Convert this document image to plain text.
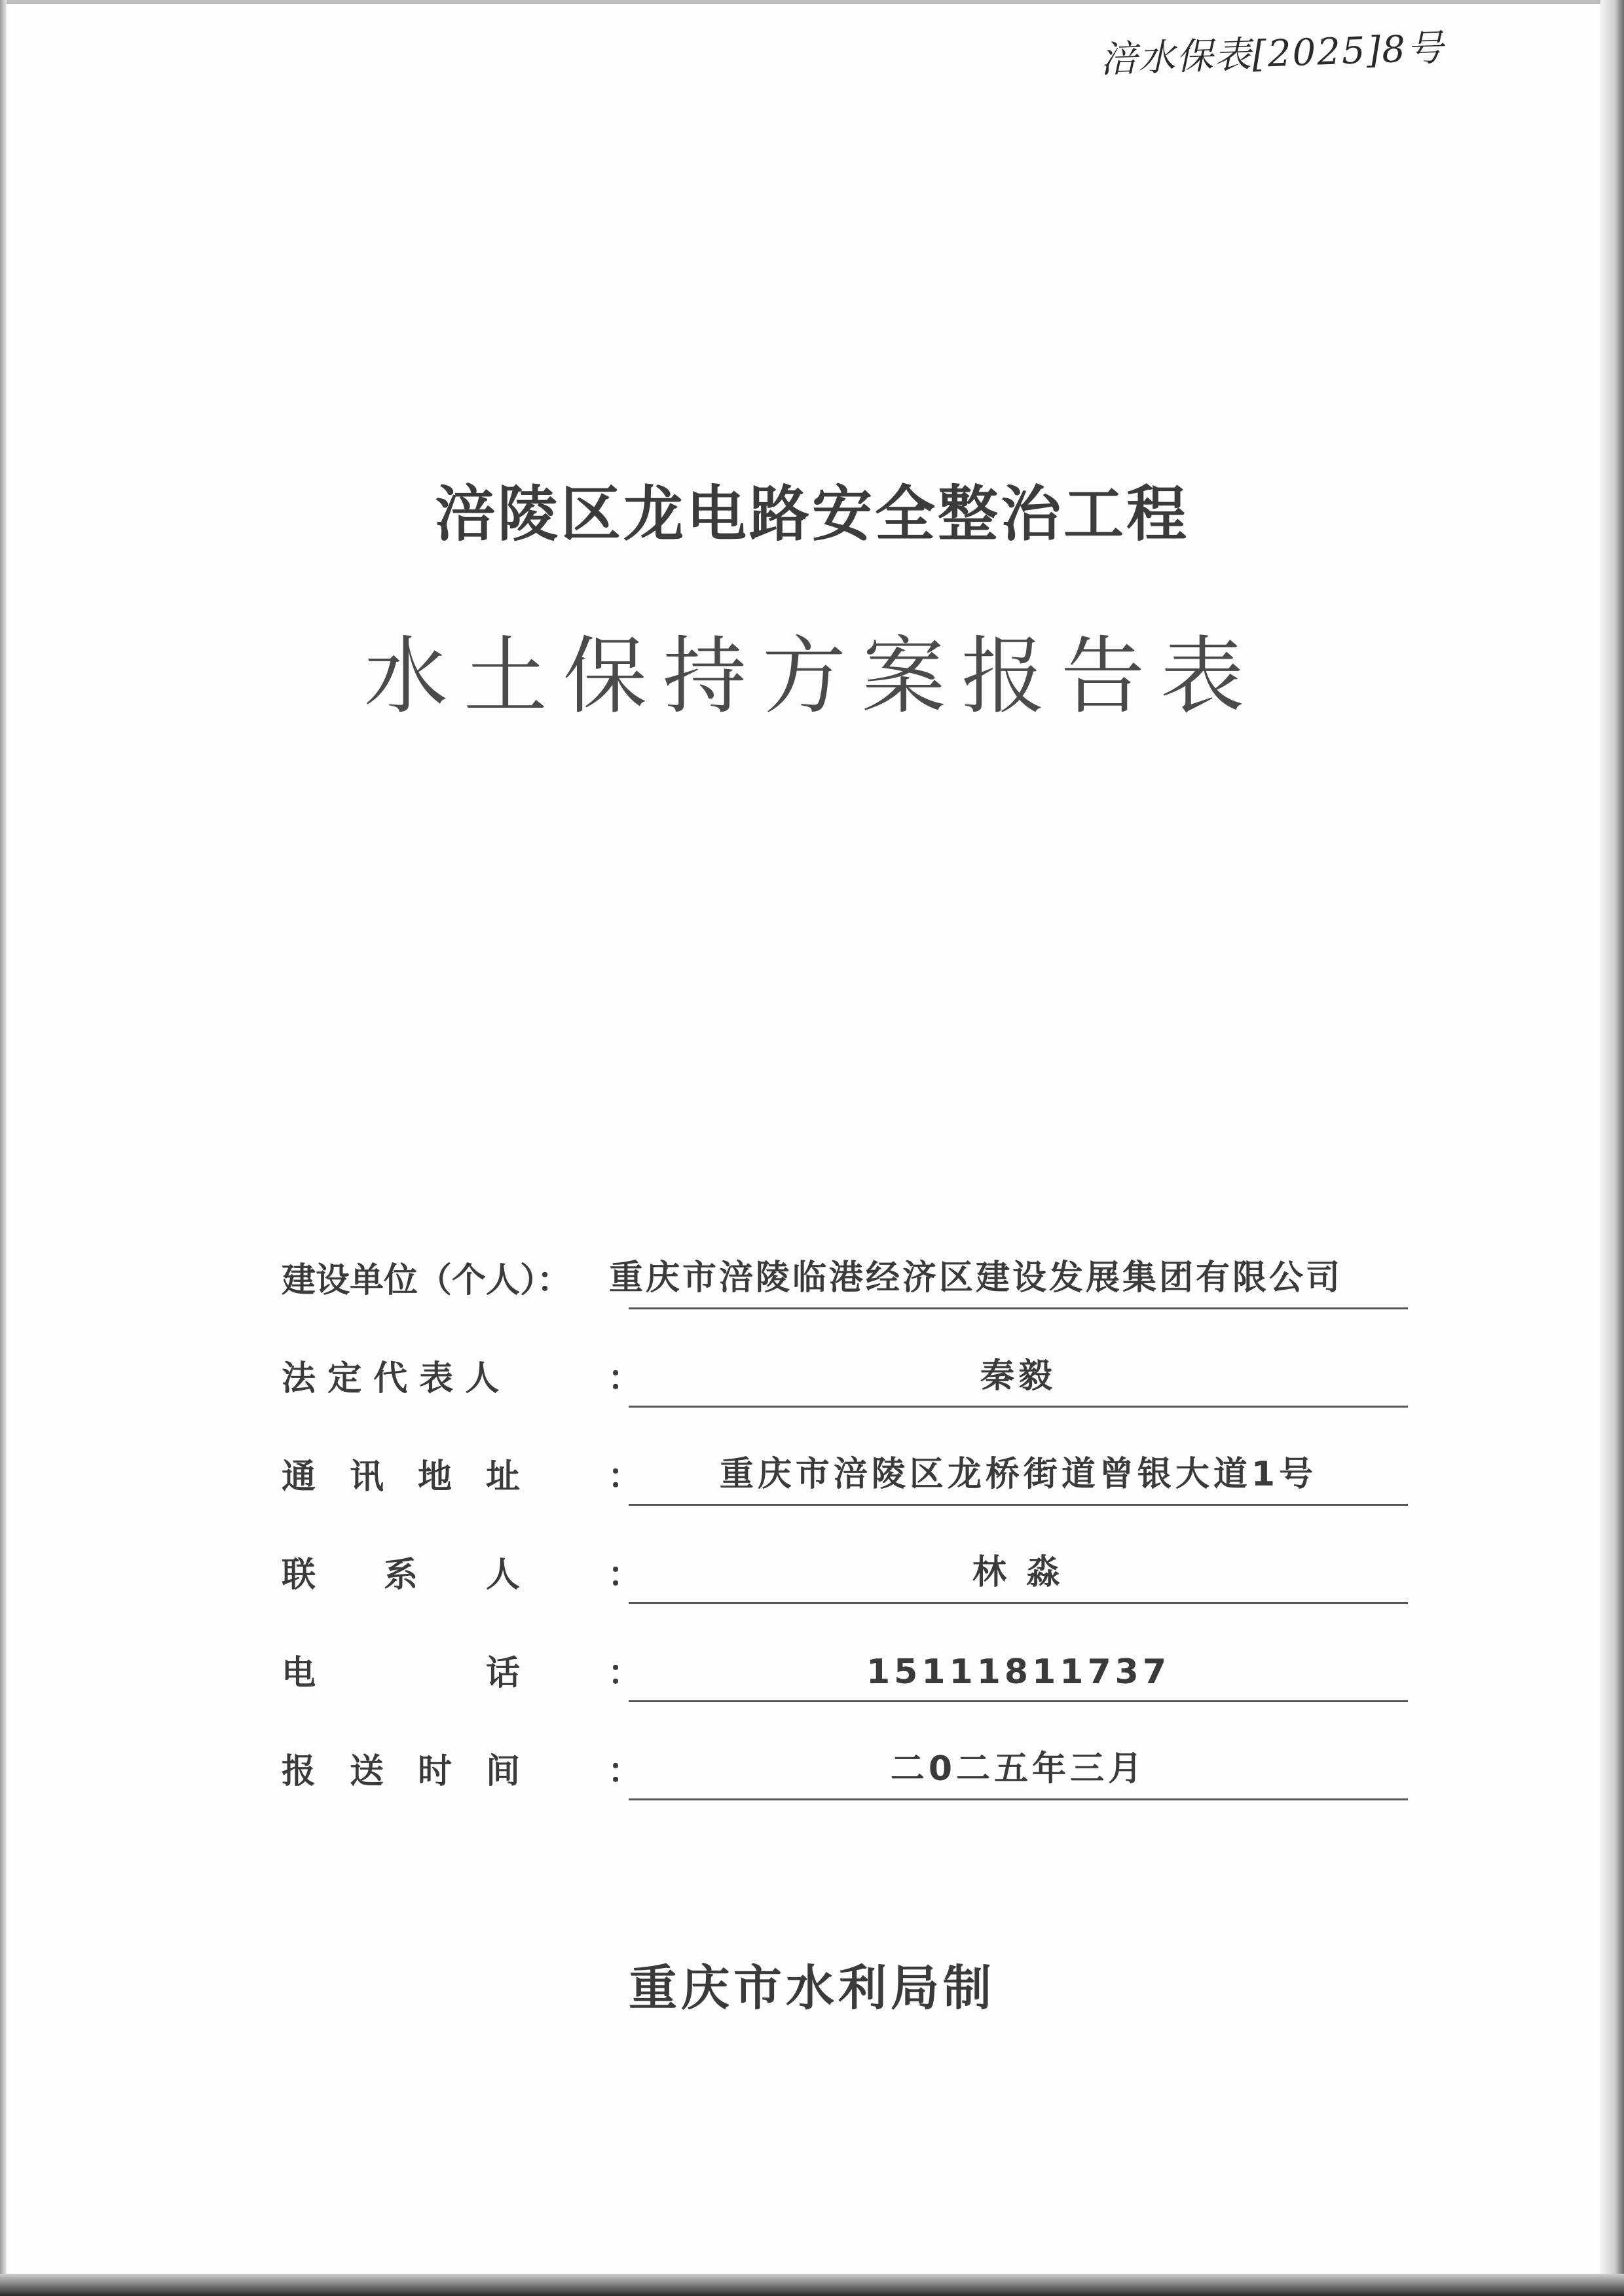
涪水保表[2025]8号
涪陵区龙电路安全整治工程
水土保持方案报告表
建设单位（个人）： 重庆市涪陵临港经济区建设发展集团有限公司
法 定 代 表 人	：	秦毅
通　讯　地　址	：	重庆市涪陵区龙桥街道曾银大道1号
联　　系　　人	：	林 淼
电　　　　　话	：	15111811737
报　送　时　间	：	二0二五年三月
重庆市水利局制
